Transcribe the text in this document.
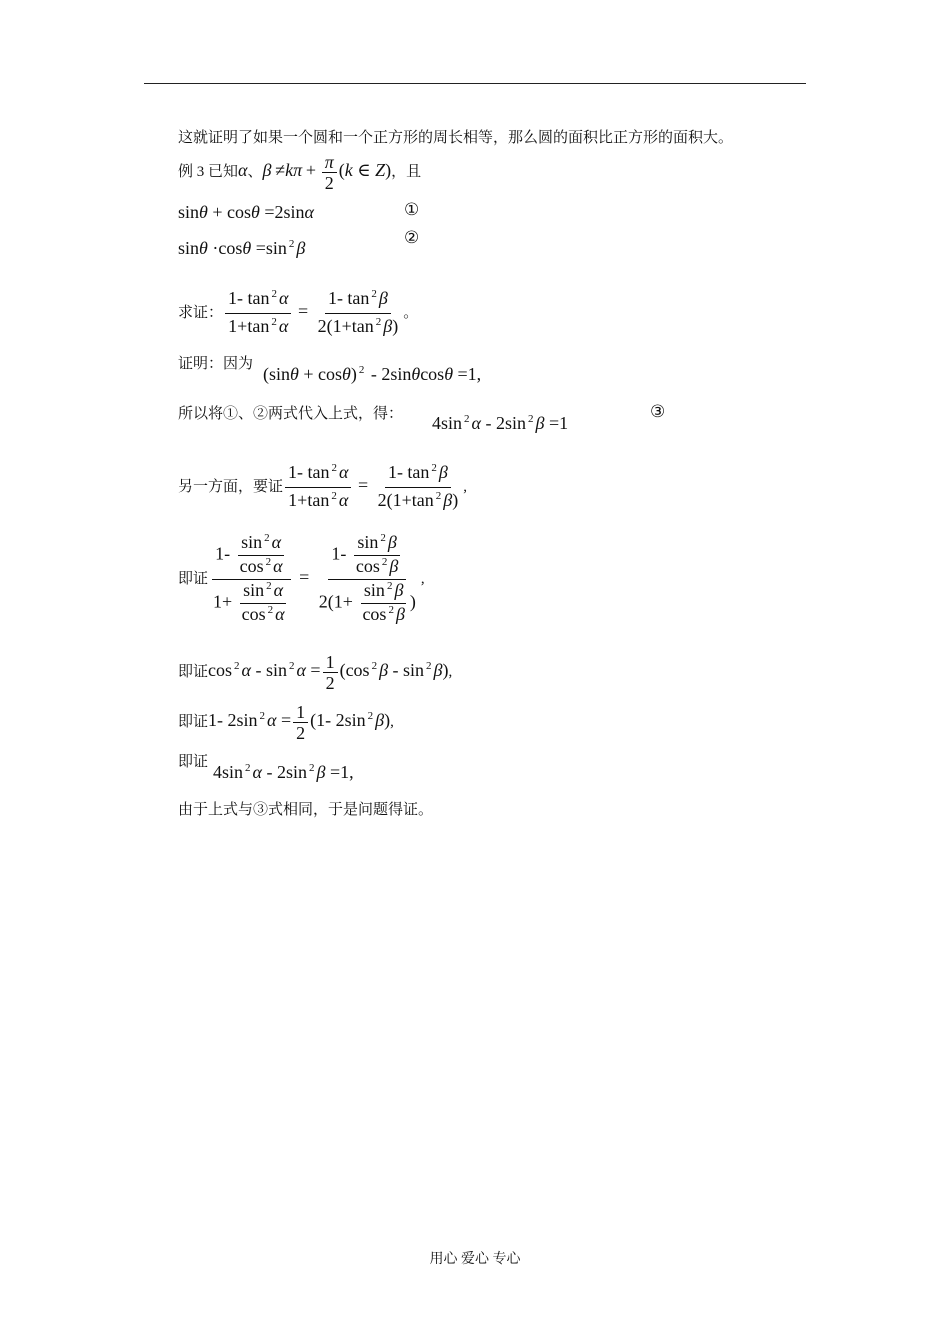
这就证明了如果一个圆和一个正方形的周长相等，那么圆的面积比正方形的面积大。
例 3 已知α、$\beta \ne k\pi + \frac{\pi}{2} (k$ ∈ Z)，且
sinθ + cosθ =2sinα	①
sinθ ·cosθ =sin $^2$ β
②
求证： $\frac{1- \tan ^2 \alpha}{1+\tan ^2 \alpha} = \frac{1- \tan ^2 \beta}{2(1+\tan ^2 \beta)}$ 。
证明：因为 (sinθ + cosθ) $^2$ - 2sinθcosθ =1,
所以将①、②两式代入上式，得： 4sin $^2$ α - 2sin $^2$ β =1
③
另一方面，要证 $\frac{1- \tan ^2 \alpha}{1+\tan ^2 \alpha} = \frac{1- \tan ^2 \beta}{2(1+\tan ^2 \beta)}$ ,
即证 $\frac{1- \frac{\sin ^2 \alpha}{\cos ^2 \alpha}}{1+ \frac{\sin ^2 \alpha}{\cos ^2 \alpha}} = \frac{1- \frac{\sin ^2 \beta}{\cos ^2 \beta}}{2(1+ \frac{\sin ^2 \beta}{\cos ^2 \beta} )}$ ,
即证cos $^2$ α - sin $^2$ $\alpha = \frac{1}{2} (\cos$ $^2$ β - sin $^2$ β),
即证1- 2sin $^2$ $\alpha = \frac{1}{2} (1-$ 2sin $^2$ β),
即证 4sin $^2$ α - 2sin $^2$ β =1,
由于上式与③式相同，于是问题得证。
用心 爱心 专心
